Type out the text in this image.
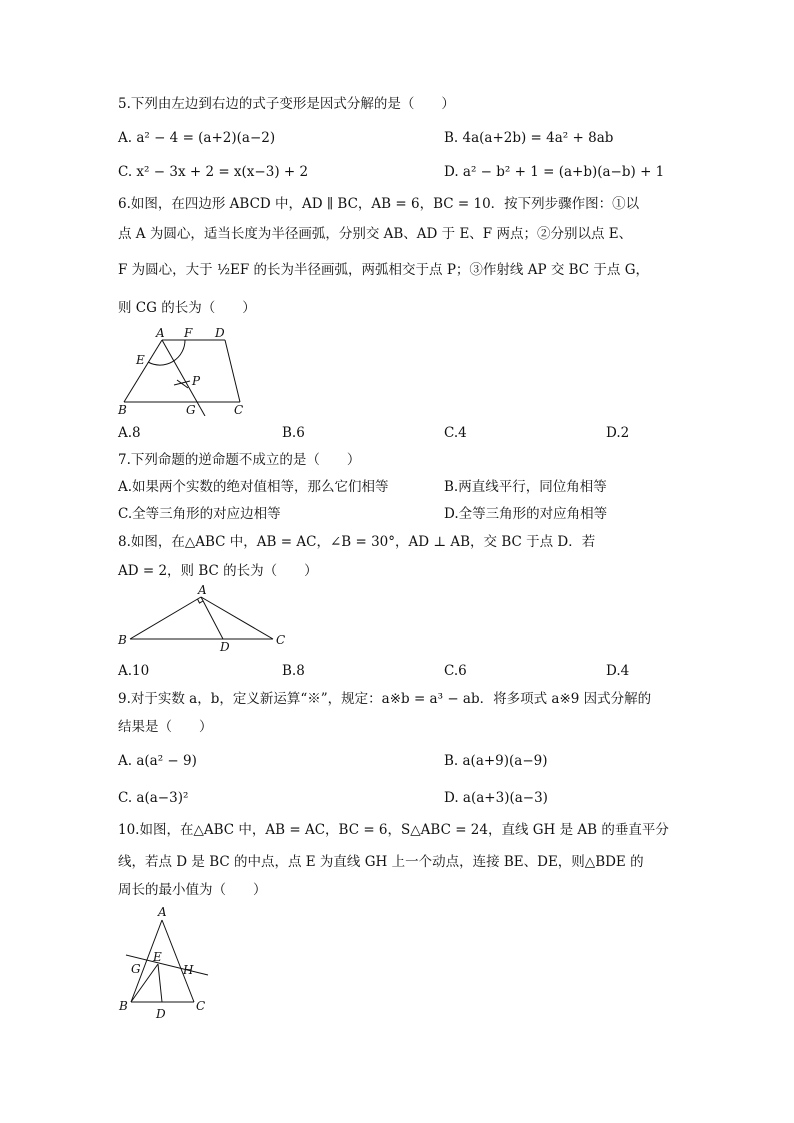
5.下列由左边到右边的式子变形是因式分解的是（　　）
A. a² − 4 = (a+2)(a−2)	B. 4a(a+2b) = 4a² + 8ab
C. x² − 3x + 2 = x(x−3) + 2	D. a² − b² + 1 = (a+b)(a−b) + 1
6.如图，在四边形 ABCD 中，AD ∥ BC，AB = 6，BC = 10．按下列步骤作图：①以
点 A 为圆心，适当长度为半径画弧，分别交 AB、AD 于 E、F 两点；②分别以点 E、
F 为圆心，大于 ½EF 的长为半径画弧，两弧相交于点 P；③作射线 AP 交 BC 于点 G，
则 CG 的长为（　　）
A F D
E
P
B	G	C
A.8	B.6	C.4	D.2
7.下列命题的逆命题不成立的是（　　）
A.如果两个实数的绝对值相等，那么它们相等	B.两直线平行，同位角相等
C.全等三角形的对应边相等	D.全等三角形的对应角相等
8.如图，在△ABC 中，AB = AC，∠B = 30°，AD ⊥ AB，交 BC 于点 D．若
AD = 2，则 BC 的长为（　　）
A
B	C
D
A.10	B.8	C.6	D.4
9.对于实数 a，b，定义新运算“※”，规定：a※b = a³ − ab．将多项式 a※9 因式分解的
结果是（　　）
A. a(a² − 9)	B. a(a+9)(a−9)
C. a(a−3)²	D. a(a+3)(a−3)
10.如图，在△ABC 中，AB = AC，BC = 6，S△ABC = 24，直线 GH 是 AB 的垂直平分
线，若点 D 是 BC 的中点，点 E 为直线 GH 上一个动点，连接 BE、DE，则△BDE 的
周长的最小值为（　　）
A
G
E
H
B
D
C
